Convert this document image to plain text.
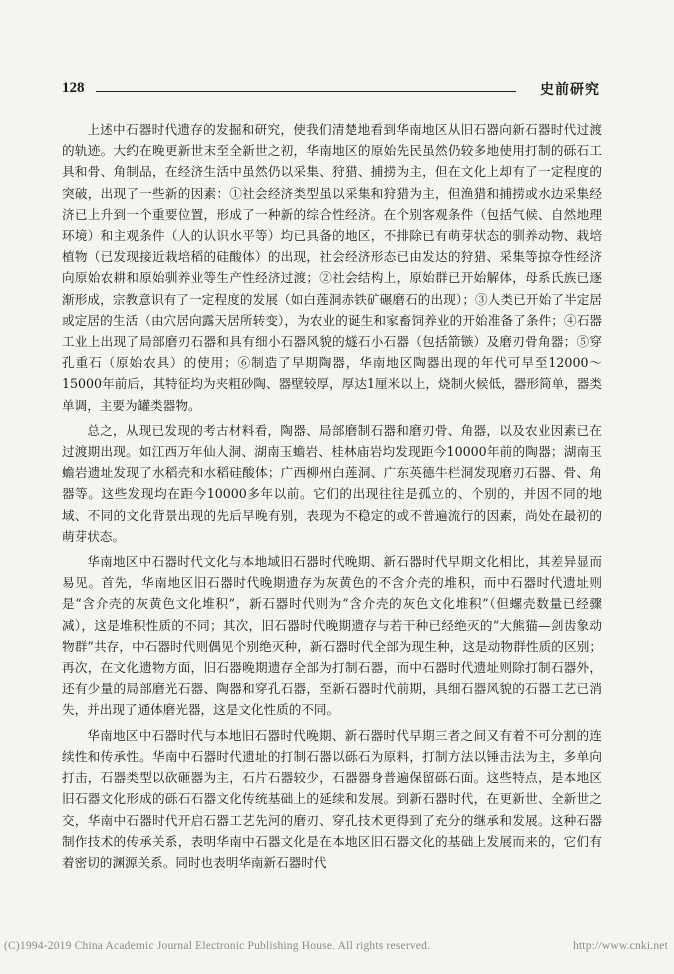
128	史前研究

上述中石器时代遗存的发掘和研究，使我们清楚地看到华南地区从旧石器向新石器时代过渡的轨迹。大约在晚更新世末至全新世之初，华南地区的原始先民虽然仍较多地使用打制的砾石工具和骨、角制品，在经济生活中虽然仍以采集、狩猎、捕捞为主，但在文化上却有了一定程度的突破，出现了一些新的因素：①社会经济类型虽以采集和狩猎为主，但渔猎和捕捞或水边采集经济已上升到一个重要位置，形成了一种新的综合性经济。在个别客观条件（包括气候、自然地理环境）和主观条件（人的认识水平等）均已具备的地区，不排除已有萌芽状态的驯养动物、栽培植物（已发现接近栽培稻的硅酸体）的出现，社会经济形态已由发达的狩猎、采集等掠夺性经济向原始农耕和原始驯养业等生产性经济过渡；②社会结构上，原始群已开始解体，母系氏族已逐渐形成，宗教意识有了一定程度的发展（如白莲洞赤铁矿碾磨石的出现）；③人类已开始了半定居或定居的生活（由穴居向露天居所转变），为农业的诞生和家畜饲养业的开始准备了条件；④石器工业上出现了局部磨刃石器和具有细小石器风貌的燧石小石器（包括箭镞）及磨刃骨角器；⑤穿孔重石（原始农具）的使用；⑥制造了早期陶器，华南地区陶器出现的年代可早至12000～15000年前后，其特征均为夹粗砂陶、器壁较厚，厚达1厘米以上，烧制火候低，器形简单，器类单调，主要为罐类器物。

总之，从现已发现的考古材料看，陶器、局部磨制石器和磨刃骨、角器，以及农业因素已在过渡期出现。如江西万年仙人洞、湖南玉蟾岩、桂林庙岩均发现距今10000年前的陶器；湖南玉蟾岩遗址发现了水稻壳和水稻硅酸体；广西柳州白莲洞、广东英德牛栏洞发现磨刃石器、骨、角器等。这些发现均在距今10000多年以前。它们的出现往往是孤立的、个别的，并因不同的地域、不同的文化背景出现的先后早晚有别，表现为不稳定的或不普遍流行的因素，尚处在最初的萌芽状态。

华南地区中石器时代文化与本地域旧石器时代晚期、新石器时代早期文化相比，其差异显而易见。首先，华南地区旧石器时代晚期遗存为灰黄色的不含介壳的堆积，而中石器时代遗址则是“含介壳的灰黄色文化堆积”，新石器时代则为“含介壳的灰色文化堆积”（但螺壳数量已经骤减），这是堆积性质的不同；其次，旧石器时代晚期遗存与若干种已经绝灭的“大熊猫—剑齿象动物群”共存，中石器时代则偶见个别绝灭种，新石器时代全部为现生种，这是动物群性质的区别；再次，在文化遗物方面，旧石器晚期遗存全部为打制石器，而中石器时代遗址则除打制石器外，还有少量的局部磨光石器、陶器和穿孔石器，至新石器时代前期，具细石器风貌的石器工艺已消失，并出现了通体磨光器，这是文化性质的不同。

华南地区中石器时代与本地旧石器时代晚期、新石器时代早期三者之间又有着不可分割的连续性和传承性。华南中石器时代遗址的打制石器以砾石为原料，打制方法以锤击法为主，多单向打击，石器类型以砍砸器为主，石片石器较少，石器器身普遍保留砾石面。这些特点，是本地区旧石器文化形成的砾石石器文化传统基础上的延续和发展。到新石器时代，在更新世、全新世之交，华南中石器时代开启石器工艺先河的磨刃、穿孔技术更得到了充分的继承和发展。这种石器制作技术的传承关系，表明华南中石器文化是在本地区旧石器文化的基础上发展而来的，它们有着密切的渊源关系。同时也表明华南新石器时代

(C)1994-2019 China Academic Journal Electronic Publishing House. All rights reserved.	http://www.cnki.net
